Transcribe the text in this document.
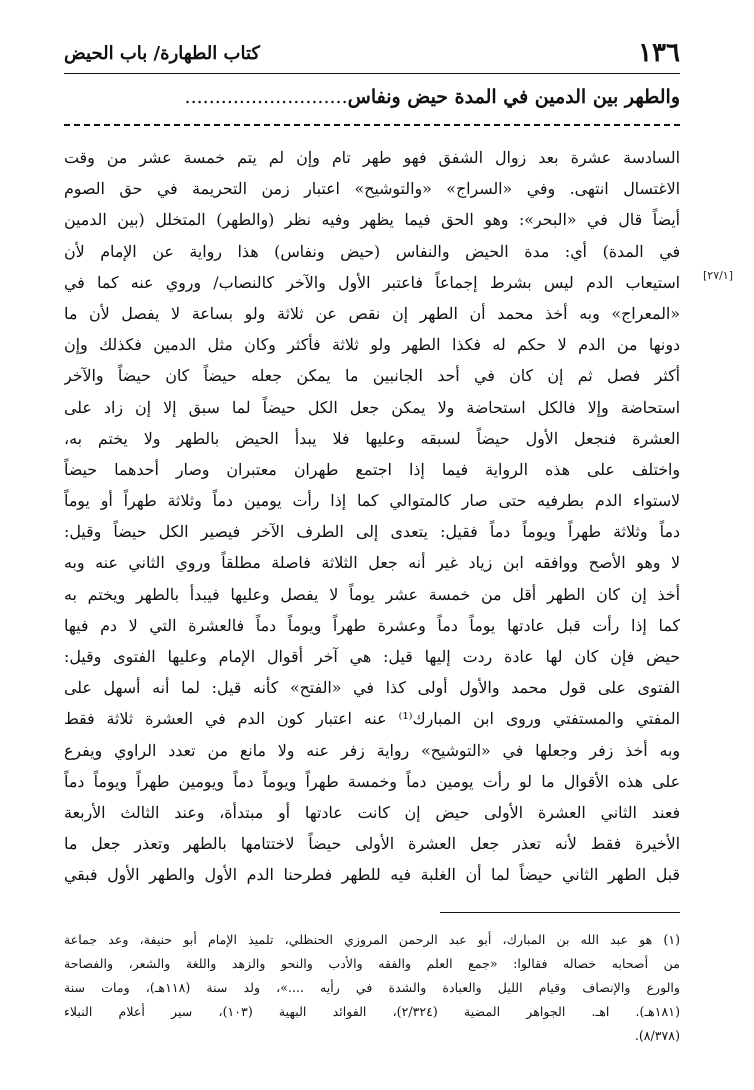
١٣٦
كتاب الطهارة/ باب الحيض
والطهر بين الدمين في المدة حيض ونفاس...........................
[٢٧/١]
السادسة عشرة بعد زوال الشفق فهو طهر تام وإن لم يتم خمسة عشر من وقت
الاغتسال انتهى. وفي «السراج» «والتوشيح» اعتبار زمن التحريمة في حق الصوم
أيضاً قال في «البحر»: وهو الحق فيما يظهر وفيه نظر (والطهر) المتخلل (بين الدمين
في المدة) أي: مدة الحيض والنفاس (حيض ونفاس) هذا رواية عن الإمام لأن
استيعاب الدم ليس بشرط إجماعاً فاعتبر الأول والآخر كالنصاب/ وروي عنه كما في
«المعراج» وبه أخذ محمد أن الطهر إن نقص عن ثلاثة ولو بساعة لا يفصل لأن ما
دونها من الدم لا حكم له فكذا الطهر ولو ثلاثة فأكثر وكان مثل الدمين فكذلك وإن
أكثر فصل ثم إن كان في أحد الجانبين ما يمكن جعله حيضاً كان حيضاً والآخر
استحاضة وإلا فالكل استحاضة ولا يمكن جعل الكل حيضاً لما سبق إلا إن زاد على
العشرة فنجعل الأول حيضاً لسبقه وعليها فلا يبدأ الحيض بالطهر ولا يختم به،
واختلف على هذه الرواية فيما إذا اجتمع طهران معتبران وصار أحدهما حيضاً
لاستواء الدم بطرفيه حتى صار كالمتوالي كما إذا رأت يومين دماً وثلاثة طهراً أو يوماً
دماً وثلاثة طهراً ويوماً دماً فقيل: يتعدى إلى الطرف الآخر فيصير الكل حيضاً وقيل:
لا وهو الأصح ووافقه ابن زياد غير أنه جعل الثلاثة فاصلة مطلقاً وروي الثاني عنه وبه
أخذ إن كان الطهر أقل من خمسة عشر يوماً لا يفصل وعليها فيبدأ بالطهر ويختم به
كما إذا رأت قبل عادتها يوماً دماً وعشرة طهراً ويوماً دماً فالعشرة التي لا دم فيها
حيض فإن كان لها عادة ردت إليها قيل: هي آخر أقوال الإمام وعليها الفتوى وقيل:
الفتوى على قول محمد والأول أولى كذا في «الفتح» كأنه قيل: لما أنه أسهل على
المفتي والمستفتي وروى ابن المبارك⁽¹⁾ عنه اعتبار كون الدم في العشرة ثلاثة فقط
وبه أخذ زفر وجعلها في «التوشيح» رواية زفر عنه ولا مانع من تعدد الراوي ويفرع
على هذه الأقوال ما لو رأت يومين دماً وخمسة طهراً ويوماً دماً ويومين طهراً ويوماً دماً
فعند الثاني العشرة الأولى حيض إن كانت عادتها أو مبتدأة، وعند الثالث الأربعة
الأخيرة فقط لأنه تعذر جعل العشرة الأولى حيضاً لاختتامها بالطهر وتعذر جعل ما
قبل الطهر الثاني حيضاً لما أن الغلبة فيه للطهر فطرحنا الدم الأول والطهر الأول فبقي
(١) هو عبد الله بن المبارك، أبو عبد الرحمن المروزي الحنظلي، تلميذ الإمام أبو حنيفة، وعد جماعة
من أصحابه خصاله فقالوا: «جمع العلم والفقه والأدب والنحو والزهد واللغة والشعر، والفصاحة
والورع والإنصاف وقيام الليل والعبادة والشدة في رأيه ....»، ولد سنة (١١٨هـ)، ومات سنة
(١٨١هـ). اهـ. الجواهر المضية (٢/٣٢٤)، الفوائد البهية (١٠٣)، سير أعلام النبلاء
(٨/٣٧٨).
